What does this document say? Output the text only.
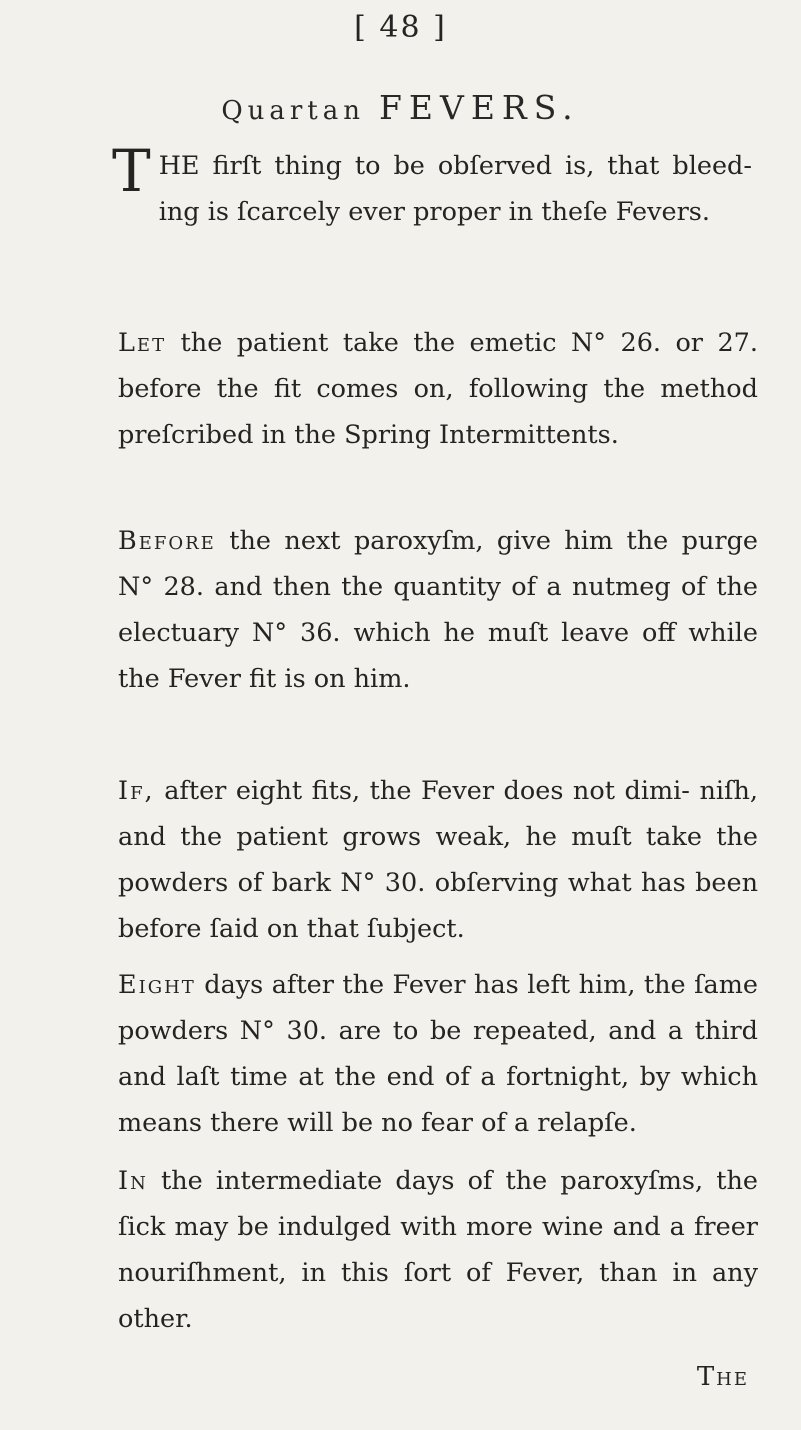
[ 48 ]
Quartan FEVERS.

THE firſt thing to be obſerved is, that bleed- ing is ſcarcely ever proper in theſe Fevers.

Let the patient take the emetic N° 26. or 27. before the fit comes on, following the method preſcribed in the Spring Intermittents.

Before the next paroxyſm, give him the purge N° 28. and then the quantity of a nutmeg of the electuary N° 36. which he muſt leave off while the Fever fit is on him.

If, after eight fits, the Fever does not dimi- niſh, and the patient grows weak, he muſt take the powders of bark N° 30. obſerving what has been before ſaid on that ſubject.

Eight days after the Fever has left him, the ſame powders N° 30. are to be repeated, and a third and laſt time at the end of a fortnight, by which means there will be no fear of a relapſe.

In the intermediate days of the paroxyſms, the ſick may be indulged with more wine and a freer nouriſhment, in this ſort of Fever, than in any other.

The
